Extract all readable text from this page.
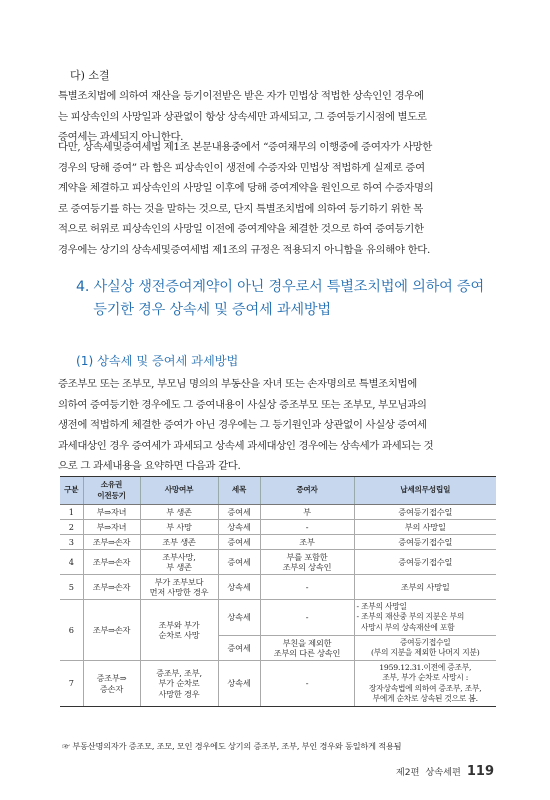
다) 소결
특별조치법에 의하여 재산을 등기이전받은 받은 자가 민법상 적법한 상속인인 경우에
는 피상속인의 사망일과 상관없이 항상 상속세만 과세되고, 그 증여등기시점에 별도로
증여세는 과세되지 아니한다.
다만, 상속세및증여세법 제1조 본문내용중에서 “증여채무의 이행중에 증여자가 사망한
경우의 당해 증여” 라 함은 피상속인이 생전에 수증자와 민법상 적법하게 실제로 증여
계약을 체결하고 피상속인의 사망일 이후에 당해 증여계약을 원인으로 하여 수증자명의
로 증여등기를 하는 것을 말하는 것으로, 단지 특별조치법에 의하여 등기하기 위한 목
적으로 허위로 피상속인의 사망일 이전에 증여계약을 체결한 것으로 하여 증여등기한
경우에는 상기의 상속세및증여세법 제1조의 규정은 적용되지 아니함을 유의해야 한다.
4. 사실상 생전증여계약이 아닌 경우로서 특별조치법에 의하여 증여
등기한 경우 상속세 및 증여세 과세방법
(1) 상속세 및 증여세 과세방법
증조부모 또는 조부모, 부모님 명의의 부동산을 자녀 또는 손자명의로 특별조치법에
의하여 증여등기한 경우에도 그 증여내용이 사실상 증조부모 또는 조부모, 부모님과의
생전에 적법하게 체결한 증여가 아닌 경우에는 그 등기원인과 상관없이 사실상 증여세
과세대상인 경우 증여세가 과세되고 상속세 과세대상인 경우에는 상속세가 과세되는 것
으로 그 과세내용을 요약하면 다음과 같다.
구분	소유권
이전등기	사망여부	세목	증여자	납세의무성립일
1	부⇒자녀	부 생존	증여세	부	증여등기접수일
2	부⇒자녀	부 사망	상속세	-	부의 사망일
3	조부⇒손자	조부 생존	증여세	조부	증여등기접수일
4	조부⇒손자	조부사망,
부 생존	증여세	부를 포함한
조부의 상속인	증여등기접수일
5	조부⇒손자	부가 조부보다
먼저 사망한 경우	상속세	-	조부의 사망일
6	조부⇒손자	조부와 부가
순차로 사망	상속세	-	- 조부의 사망일
- 조부의 재산중 부의 지분은 부의
사망시 부의 상속재산에 포함
			증여세	부친을 제외한
조부의 다른 상속인	증여등기접수일
(부의 지분을 제외한 나머지 지분)
7	증조부⇒
증손자	증조부, 조부,
부가 순차로
사망한 경우	상속세	-	1959.12.31.이전에 증조부,
조부, 부가 순차로 사망시 :
장자상속법에 의하여 증조부, 조부,
부에게 순차로 상속된 것으로 봄.
☞ 부동산명의자가 증조모, 조모, 모인 경우에도 상기의 증조부, 조부, 부인 경우와 동일하게 적용됨
제2편  상속세편 119
